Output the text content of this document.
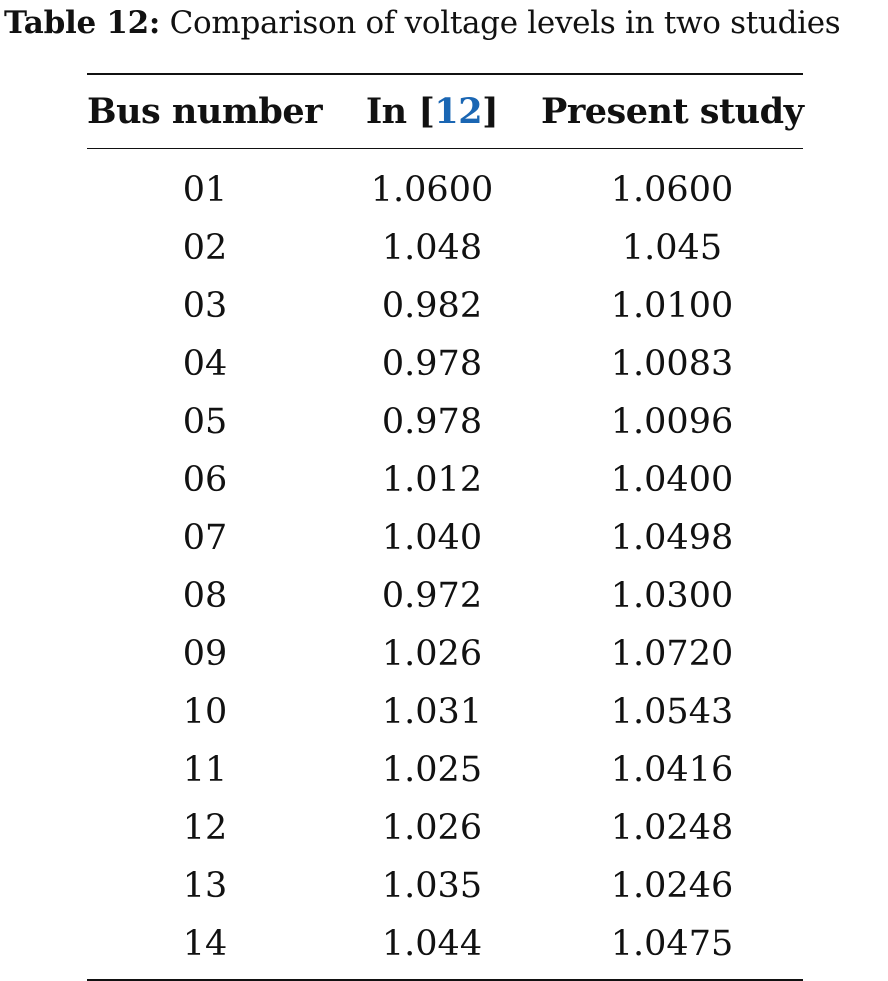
Table 12: Comparison of voltage levels in two studies
Bus number	In [12]	Present study
01	1.0600	1.0600
02	1.048	1.045
03	0.982	1.0100
04	0.978	1.0083
05	0.978	1.0096
06	1.012	1.0400
07	1.040	1.0498
08	0.972	1.0300
09	1.026	1.0720
10	1.031	1.0543
11	1.025	1.0416
12	1.026	1.0248
13	1.035	1.0246
14	1.044	1.0475
